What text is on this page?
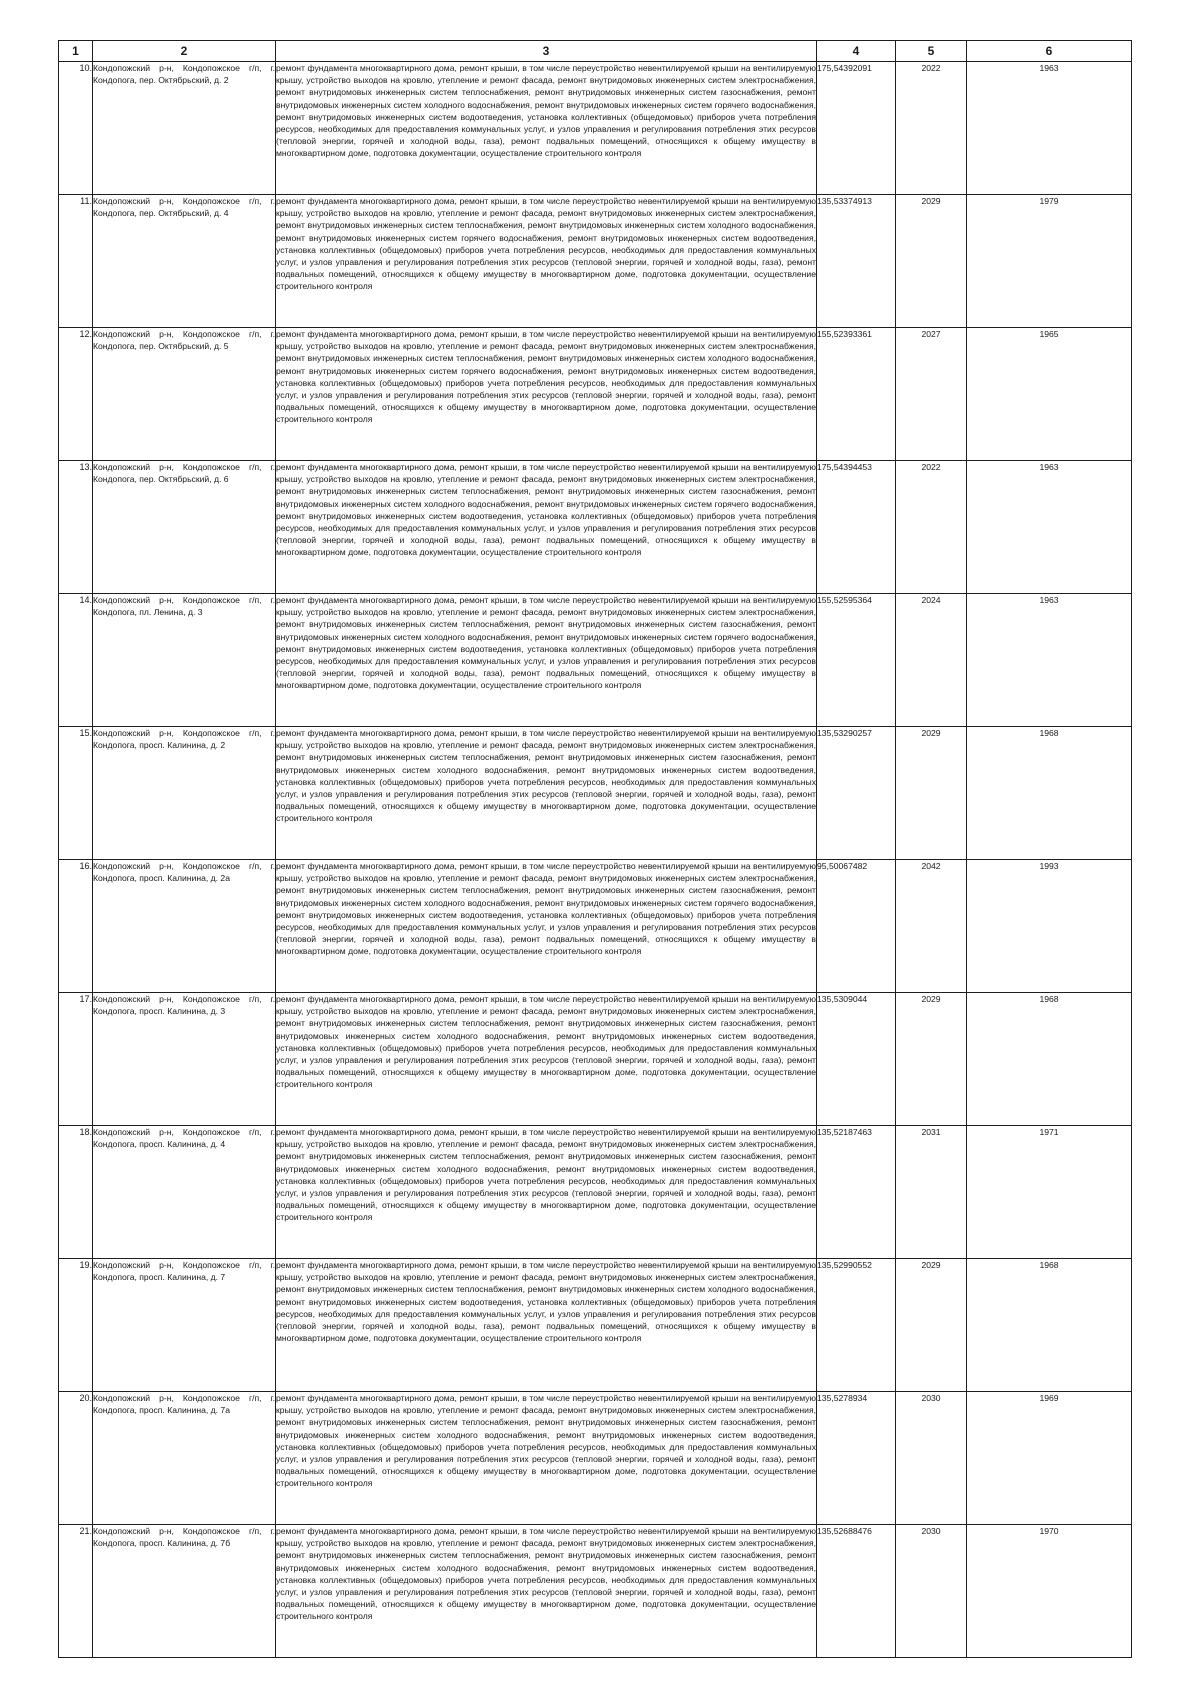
1	2	3	4	5	6
10.	Кондопожский р-н, Кондопожское г/п, г. Кондопога, пер. Октябрьский, д. 2	ремонт фундамента многоквартирного дома, ремонт крыши, в том числе переустройство невентилируемой крыши на вентилируемую крышу, устройство выходов на кровлю, утепление и ремонт фасада, ремонт внутридомовых инженерных систем электроснабжения, ремонт внутридомовых инженерных систем теплоснабжения, ремонт внутридомовых инженерных систем газоснабжения, ремонт внутридомовых инженерных систем холодного водоснабжения, ремонт внутридомовых инженерных систем горячего водоснабжения, ремонт внутридомовых инженерных систем водоотведения, установка коллективных (общедомовых) приборов учета потребления ресурсов, необходимых для предоставления коммунальных услуг, и узлов управления и регулирования потребления этих ресурсов (тепловой энергии, горячей и холодной воды, газа), ремонт подвальных помещений, относящихся к общему имуществу в многоквартирном доме, подготовка документации, осуществление строительного контроля	175,54392091	2022	1963
11.	Кондопожский р-н, Кондопожское г/п, г. Кондопога, пер. Октябрьский, д. 4	ремонт фундамента многоквартирного дома, ремонт крыши, в том числе переустройство невентилируемой крыши на вентилируемую крышу, устройство выходов на кровлю, утепление и ремонт фасада, ремонт внутридомовых инженерных систем электроснабжения, ремонт внутридомовых инженерных систем теплоснабжения, ремонт внутридомовых инженерных систем холодного водоснабжения, ремонт внутридомовых инженерных систем горячего водоснабжения, ремонт внутридомовых инженерных систем водоотведения, установка коллективных (общедомовых) приборов учета потребления ресурсов, необходимых для предоставления коммунальных услуг, и узлов управления и регулирования потребления этих ресурсов (тепловой энергии, горячей и холодной воды, газа), ремонт подвальных помещений, относящихся к общему имуществу в многоквартирном доме, подготовка документации, осуществление строительного контроля	135,53374913	2029	1979
12.	Кондопожский р-н, Кондопожское г/п, г. Кондопога, пер. Октябрьский, д. 5	ремонт фундамента многоквартирного дома, ремонт крыши, в том числе переустройство невентилируемой крыши на вентилируемую крышу, устройство выходов на кровлю, утепление и ремонт фасада, ремонт внутридомовых инженерных систем электроснабжения, ремонт внутридомовых инженерных систем теплоснабжения, ремонт внутридомовых инженерных систем холодного водоснабжения, ремонт внутридомовых инженерных систем горячего водоснабжения, ремонт внутридомовых инженерных систем водоотведения, установка коллективных (общедомовых) приборов учета потребления ресурсов, необходимых для предоставления коммунальных услуг, и узлов управления и регулирования потребления этих ресурсов (тепловой энергии, горячей и холодной воды, газа), ремонт подвальных помещений, относящихся к общему имуществу в многоквартирном доме, подготовка документации, осуществление строительного контроля	155,52393361	2027	1965
13.	Кондопожский р-н, Кондопожское г/п, г. Кондопога, пер. Октябрьский, д. 6	ремонт фундамента многоквартирного дома, ремонт крыши, в том числе переустройство невентилируемой крыши на вентилируемую крышу, устройство выходов на кровлю, утепление и ремонт фасада, ремонт внутридомовых инженерных систем электроснабжения, ремонт внутридомовых инженерных систем теплоснабжения, ремонт внутридомовых инженерных систем газоснабжения, ремонт внутридомовых инженерных систем холодного водоснабжения, ремонт внутридомовых инженерных систем горячего водоснабжения, ремонт внутридомовых инженерных систем водоотведения, установка коллективных (общедомовых) приборов учета потребления ресурсов, необходимых для предоставления коммунальных услуг, и узлов управления и регулирования потребления этих ресурсов (тепловой энергии, горячей и холодной воды, газа), ремонт подвальных помещений, относящихся к общему имуществу в многоквартирном доме, подготовка документации, осуществление строительного контроля	175,54394453	2022	1963
14.	Кондопожский р-н, Кондопожское г/п, г. Кондопога, пл. Ленина, д. 3	ремонт фундамента многоквартирного дома, ремонт крыши, в том числе переустройство невентилируемой крыши на вентилируемую крышу, устройство выходов на кровлю, утепление и ремонт фасада, ремонт внутридомовых инженерных систем электроснабжения, ремонт внутридомовых инженерных систем теплоснабжения, ремонт внутридомовых инженерных систем газоснабжения, ремонт внутридомовых инженерных систем холодного водоснабжения, ремонт внутридомовых инженерных систем горячего водоснабжения, ремонт внутридомовых инженерных систем водоотведения, установка коллективных (общедомовых) приборов учета потребления ресурсов, необходимых для предоставления коммунальных услуг, и узлов управления и регулирования потребления этих ресурсов (тепловой энергии, горячей и холодной воды, газа), ремонт подвальных помещений, относящихся к общему имуществу в многоквартирном доме, подготовка документации, осуществление строительного контроля	155,52595364	2024	1963
15.	Кондопожский р-н, Кондопожское г/п, г. Кондопога, просп. Калинина, д. 2	ремонт фундамента многоквартирного дома, ремонт крыши, в том числе переустройство невентилируемой крыши на вентилируемую крышу, устройство выходов на кровлю, утепление и ремонт фасада, ремонт внутридомовых инженерных систем электроснабжения, ремонт внутридомовых инженерных систем теплоснабжения, ремонт внутридомовых инженерных систем газоснабжения, ремонт внутридомовых инженерных систем холодного водоснабжения, ремонт внутридомовых инженерных систем водоотведения, установка коллективных (общедомовых) приборов учета потребления ресурсов, необходимых для предоставления коммунальных услуг, и узлов управления и регулирования потребления этих ресурсов (тепловой энергии, горячей и холодной воды, газа), ремонт подвальных помещений, относящихся к общему имуществу в многоквартирном доме, подготовка документации, осуществление строительного контроля	135,53290257	2029	1968
16.	Кондопожский р-н, Кондопожское г/п, г. Кондопога, просп. Калинина, д. 2а	ремонт фундамента многоквартирного дома, ремонт крыши, в том числе переустройство невентилируемой крыши на вентилируемую крышу, устройство выходов на кровлю, утепление и ремонт фасада, ремонт внутридомовых инженерных систем электроснабжения, ремонт внутридомовых инженерных систем теплоснабжения, ремонт внутридомовых инженерных систем газоснабжения, ремонт внутридомовых инженерных систем холодного водоснабжения, ремонт внутридомовых инженерных систем горячего водоснабжения, ремонт внутридомовых инженерных систем водоотведения, установка коллективных (общедомовых) приборов учета потребления ресурсов, необходимых для предоставления коммунальных услуг, и узлов управления и регулирования потребления этих ресурсов (тепловой энергии, горячей и холодной воды, газа), ремонт подвальных помещений, относящихся к общему имуществу в многоквартирном доме, подготовка документации, осуществление строительного контроля	95,50067482	2042	1993
17.	Кондопожский р-н, Кондопожское г/п, г. Кондопога, просп. Калинина, д. 3	ремонт фундамента многоквартирного дома, ремонт крыши, в том числе переустройство невентилируемой крыши на вентилируемую крышу, устройство выходов на кровлю, утепление и ремонт фасада, ремонт внутридомовых инженерных систем электроснабжения, ремонт внутридомовых инженерных систем теплоснабжения, ремонт внутридомовых инженерных систем газоснабжения, ремонт внутридомовых инженерных систем холодного водоснабжения, ремонт внутридомовых инженерных систем водоотведения, установка коллективных (общедомовых) приборов учета потребления ресурсов, необходимых для предоставления коммунальных услуг, и узлов управления и регулирования потребления этих ресурсов (тепловой энергии, горячей и холодной воды, газа), ремонт подвальных помещений, относящихся к общему имуществу в многоквартирном доме, подготовка документации, осуществление строительного контроля	135,5309044	2029	1968
18.	Кондопожский р-н, Кондопожское г/п, г. Кондопога, просп. Калинина, д. 4	ремонт фундамента многоквартирного дома, ремонт крыши, в том числе переустройство невентилируемой крыши на вентилируемую крышу, устройство выходов на кровлю, утепление и ремонт фасада, ремонт внутридомовых инженерных систем электроснабжения, ремонт внутридомовых инженерных систем теплоснабжения, ремонт внутридомовых инженерных систем газоснабжения, ремонт внутридомовых инженерных систем холодного водоснабжения, ремонт внутридомовых инженерных систем водоотведения, установка коллективных (общедомовых) приборов учета потребления ресурсов, необходимых для предоставления коммунальных услуг, и узлов управления и регулирования потребления этих ресурсов (тепловой энергии, горячей и холодной воды, газа), ремонт подвальных помещений, относящихся к общему имуществу в многоквартирном доме, подготовка документации, осуществление строительного контроля	135,52187463	2031	1971
19.	Кондопожский р-н, Кондопожское г/п, г. Кондопога, просп. Калинина, д. 7	ремонт фундамента многоквартирного дома, ремонт крыши, в том числе переустройство невентилируемой крыши на вентилируемую крышу, устройство выходов на кровлю, утепление и ремонт фасада, ремонт внутридомовых инженерных систем электроснабжения, ремонт внутридомовых инженерных систем теплоснабжения, ремонт внутридомовых инженерных систем холодного водоснабжения, ремонт внутридомовых инженерных систем водоотведения, установка коллективных (общедомовых) приборов учета потребления ресурсов, необходимых для предоставления коммунальных услуг, и узлов управления и регулирования потребления этих ресурсов (тепловой энергии, горячей и холодной воды, газа), ремонт подвальных помещений, относящихся к общему имуществу в многоквартирном доме, подготовка документации, осуществление строительного контроля	135,52990552	2029	1968
20.	Кондопожский р-н, Кондопожское г/п, г. Кондопога, просп. Калинина, д. 7а	ремонт фундамента многоквартирного дома, ремонт крыши, в том числе переустройство невентилируемой крыши на вентилируемую крышу, устройство выходов на кровлю, утепление и ремонт фасада, ремонт внутридомовых инженерных систем электроснабжения, ремонт внутридомовых инженерных систем теплоснабжения, ремонт внутридомовых инженерных систем газоснабжения, ремонт внутридомовых инженерных систем холодного водоснабжения, ремонт внутридомовых инженерных систем водоотведения, установка коллективных (общедомовых) приборов учета потребления ресурсов, необходимых для предоставления коммунальных услуг, и узлов управления и регулирования потребления этих ресурсов (тепловой энергии, горячей и холодной воды, газа), ремонт подвальных помещений, относящихся к общему имуществу в многоквартирном доме, подготовка документации, осуществление строительного контроля	135,5278934	2030	1969
21.	Кондопожский р-н, Кондопожское г/п, г. Кондопога, просп. Калинина, д. 7б	ремонт фундамента многоквартирного дома, ремонт крыши, в том числе переустройство невентилируемой крыши на вентилируемую крышу, устройство выходов на кровлю, утепление и ремонт фасада, ремонт внутридомовых инженерных систем электроснабжения, ремонт внутридомовых инженерных систем теплоснабжения, ремонт внутридомовых инженерных систем газоснабжения, ремонт внутридомовых инженерных систем холодного водоснабжения, ремонт внутридомовых инженерных систем водоотведения, установка коллективных (общедомовых) приборов учета потребления ресурсов, необходимых для предоставления коммунальных услуг, и узлов управления и регулирования потребления этих ресурсов (тепловой энергии, горячей и холодной воды, газа), ремонт подвальных помещений, относящихся к общему имуществу в многоквартирном доме, подготовка документации, осуществление строительного контроля	135,52688476	2030	1970
